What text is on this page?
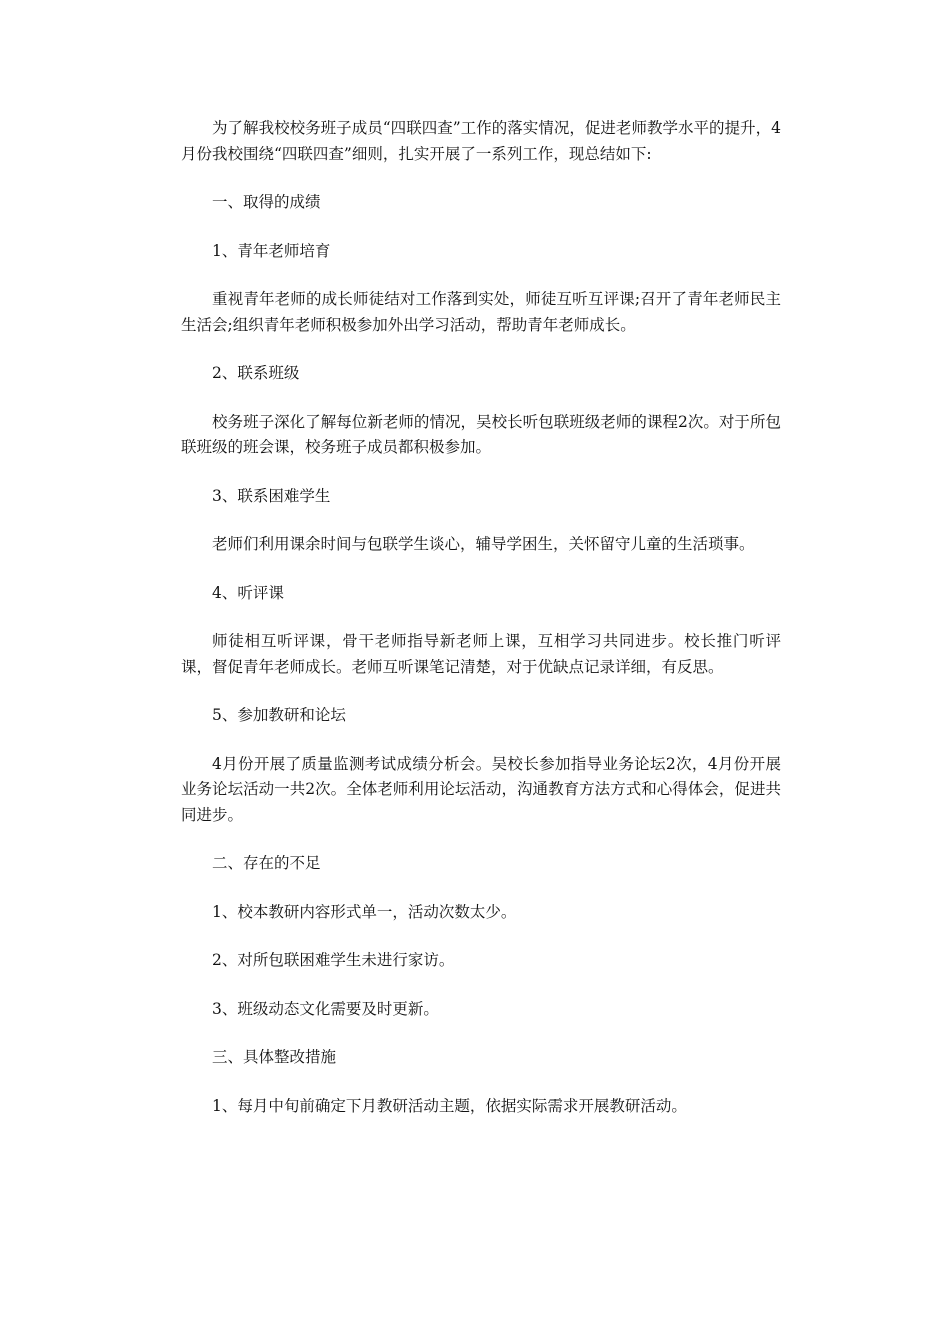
为了解我校校务班子成员“四联四查”工作的落实情况，促进老师教学水平的提升，4月份我校围绕“四联四查”细则，扎实开展了一系列工作，现总结如下:

一、取得的成绩

1、青年老师培育

重视青年老师的成长师徒结对工作落到实处，师徒互听互评课;召开了青年老师民主生活会;组织青年老师积极参加外出学习活动，帮助青年老师成长。

2、联系班级

校务班子深化了解每位新老师的情况，吴校长听包联班级老师的课程2次。对于所包联班级的班会课，校务班子成员都积极参加。

3、联系困难学生

老师们利用课余时间与包联学生谈心，辅导学困生，关怀留守儿童的生活琐事。

4、听评课

师徒相互听评课，骨干老师指导新老师上课，互相学习共同进步。校长推门听评课，督促青年老师成长。老师互听课笔记清楚，对于优缺点记录详细，有反思。

5、参加教研和论坛

4月份开展了质量监测考试成绩分析会。吴校长参加指导业务论坛2次，4月份开展业务论坛活动一共2次。全体老师利用论坛活动，沟通教育方法方式和心得体会，促进共同进步。

二、存在的不足

1、校本教研内容形式单一，活动次数太少。

2、对所包联困难学生未进行家访。

3、班级动态文化需要及时更新。

三、具体整改措施

1、每月中旬前确定下月教研活动主题，依据实际需求开展教研活动。
